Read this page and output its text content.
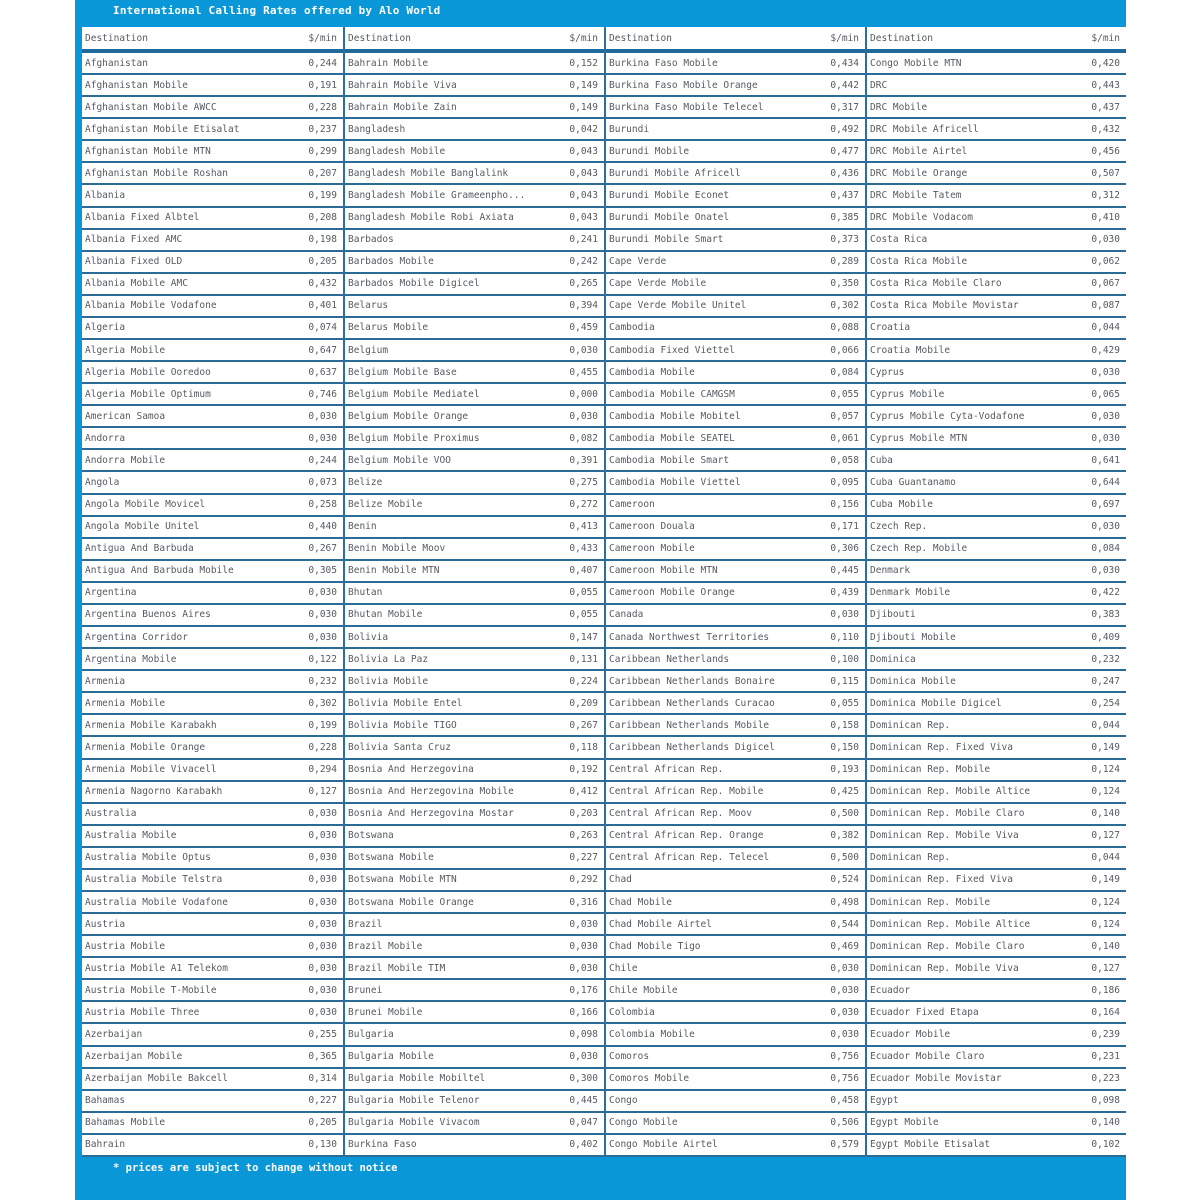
International Calling Rates offered by Alo World
Destination	$/min
Afghanistan	0,244
Afghanistan Mobile	0,191
Afghanistan Mobile AWCC	0,228
Afghanistan Mobile Etisalat	0,237
Afghanistan Mobile MTN	0,299
Afghanistan Mobile Roshan	0,207
Albania	0,199
Albania Fixed Albtel	0,208
Albania Fixed AMC	0,198
Albania Fixed OLD	0,205
Albania Mobile AMC	0,432
Albania Mobile Vodafone	0,401
Algeria	0,074
Algeria Mobile	0,647
Algeria Mobile Ooredoo	0,637
Algeria Mobile Optimum	0,746
American Samoa	0,030
Andorra	0,030
Andorra Mobile	0,244
Angola	0,073
Angola Mobile Movicel	0,258
Angola Mobile Unitel	0,440
Antigua And Barbuda	0,267
Antigua And Barbuda Mobile	0,305
Argentina	0,030
Argentina Buenos Aires	0,030
Argentina Corridor	0,030
Argentina Mobile	0,122
Armenia	0,232
Armenia Mobile	0,302
Armenia Mobile Karabakh	0,199
Armenia Mobile Orange	0,228
Armenia Mobile Vivacell	0,294
Armenia Nagorno Karabakh	0,127
Australia	0,030
Australia Mobile	0,030
Australia Mobile Optus	0,030
Australia Mobile Telstra	0,030
Australia Mobile Vodafone	0,030
Austria	0,030
Austria Mobile	0,030
Austria Mobile A1 Telekom	0,030
Austria Mobile T-Mobile	0,030
Austria Mobile Three	0,030
Azerbaijan	0,255
Azerbaijan Mobile	0,365
Azerbaijan Mobile Bakcell	0,314
Bahamas	0,227
Bahamas Mobile	0,205
Bahrain	0,130
Destination	$/min
Bahrain Mobile	0,152
Bahrain Mobile Viva	0,149
Bahrain Mobile Zain	0,149
Bangladesh	0,042
Bangladesh Mobile	0,043
Bangladesh Mobile Banglalink	0,043
Bangladesh Mobile Grameenpho...	0,043
Bangladesh Mobile Robi Axiata	0,043
Barbados	0,241
Barbados Mobile	0,242
Barbados Mobile Digicel	0,265
Belarus	0,394
Belarus Mobile	0,459
Belgium	0,030
Belgium Mobile Base	0,455
Belgium Mobile Mediatel	0,000
Belgium Mobile Orange	0,030
Belgium Mobile Proximus	0,082
Belgium Mobile VOO	0,391
Belize	0,275
Belize Mobile	0,272
Benin	0,413
Benin Mobile Moov	0,433
Benin Mobile MTN	0,407
Bhutan	0,055
Bhutan Mobile	0,055
Bolivia	0,147
Bolivia La Paz	0,131
Bolivia Mobile	0,224
Bolivia Mobile Entel	0,209
Bolivia Mobile TIGO	0,267
Bolivia Santa Cruz	0,118
Bosnia And Herzegovina	0,192
Bosnia And Herzegovina Mobile	0,412
Bosnia And Herzegovina Mostar	0,203
Botswana	0,263
Botswana Mobile	0,227
Botswana Mobile MTN	0,292
Botswana Mobile Orange	0,316
Brazil	0,030
Brazil Mobile	0,030
Brazil Mobile TIM	0,030
Brunei	0,176
Brunei Mobile	0,166
Bulgaria	0,098
Bulgaria Mobile	0,030
Bulgaria Mobile Mobiltel	0,300
Bulgaria Mobile Telenor	0,445
Bulgaria Mobile Vivacom	0,047
Burkina Faso	0,402
Destination	$/min
Burkina Faso Mobile	0,434
Burkina Faso Mobile Orange	0,442
Burkina Faso Mobile Telecel	0,317
Burundi	0,492
Burundi Mobile	0,477
Burundi Mobile Africell	0,436
Burundi Mobile Econet	0,437
Burundi Mobile Onatel	0,385
Burundi Mobile Smart	0,373
Cape Verde	0,289
Cape Verde Mobile	0,350
Cape Verde Mobile Unitel	0,302
Cambodia	0,088
Cambodia Fixed Viettel	0,066
Cambodia Mobile	0,084
Cambodia Mobile CAMGSM	0,055
Cambodia Mobile Mobitel	0,057
Cambodia Mobile SEATEL	0,061
Cambodia Mobile Smart	0,058
Cambodia Mobile Viettel	0,095
Cameroon	0,156
Cameroon Douala	0,171
Cameroon Mobile	0,306
Cameroon Mobile MTN	0,445
Cameroon Mobile Orange	0,439
Canada	0,030
Canada Northwest Territories	0,110
Caribbean Netherlands	0,100
Caribbean Netherlands Bonaire	0,115
Caribbean Netherlands Curacao	0,055
Caribbean Netherlands Mobile	0,158
Caribbean Netherlands Digicel	0,150
Central African Rep.	0,193
Central African Rep. Mobile	0,425
Central African Rep. Moov	0,500
Central African Rep. Orange	0,382
Central African Rep. Telecel	0,500
Chad	0,524
Chad Mobile	0,498
Chad Mobile Airtel	0,544
Chad Mobile Tigo	0,469
Chile	0,030
Chile Mobile	0,030
Colombia	0,030
Colombia Mobile	0,030
Comoros	0,756
Comoros Mobile	0,756
Congo	0,458
Congo Mobile	0,506
Congo Mobile Airtel	0,579
Destination	$/min
Congo Mobile MTN	0,420
DRC	0,443
DRC Mobile	0,437
DRC Mobile Africell	0,432
DRC Mobile Airtel	0,456
DRC Mobile Orange	0,507
DRC Mobile Tatem	0,312
DRC Mobile Vodacom	0,410
Costa Rica	0,030
Costa Rica Mobile	0,062
Costa Rica Mobile Claro	0,067
Costa Rica Mobile Movistar	0,087
Croatia	0,044
Croatia Mobile	0,429
Cyprus	0,030
Cyprus Mobile	0,065
Cyprus Mobile Cyta-Vodafone	0,030
Cyprus Mobile MTN	0,030
Cuba	0,641
Cuba Guantanamo	0,644
Cuba Mobile	0,697
Czech Rep.	0,030
Czech Rep. Mobile	0,084
Denmark	0,030
Denmark Mobile	0,422
Djibouti	0,383
Djibouti Mobile	0,409
Dominica	0,232
Dominica Mobile	0,247
Dominica Mobile Digicel	0,254
Dominican Rep.	0,044
Dominican Rep. Fixed Viva	0,149
Dominican Rep. Mobile	0,124
Dominican Rep. Mobile Altice	0,124
Dominican Rep. Mobile Claro	0,140
Dominican Rep. Mobile Viva	0,127
Dominican Rep.	0,044
Dominican Rep. Fixed Viva	0,149
Dominican Rep. Mobile	0,124
Dominican Rep. Mobile Altice	0,124
Dominican Rep. Mobile Claro	0,140
Dominican Rep. Mobile Viva	0,127
Ecuador	0,186
Ecuador Fixed Etapa	0,164
Ecuador Mobile	0,239
Ecuador Mobile Claro	0,231
Ecuador Mobile Movistar	0,223
Egypt	0,098
Egypt Mobile	0,140
Egypt Mobile Etisalat	0,102
* prices are subject to change without notice
